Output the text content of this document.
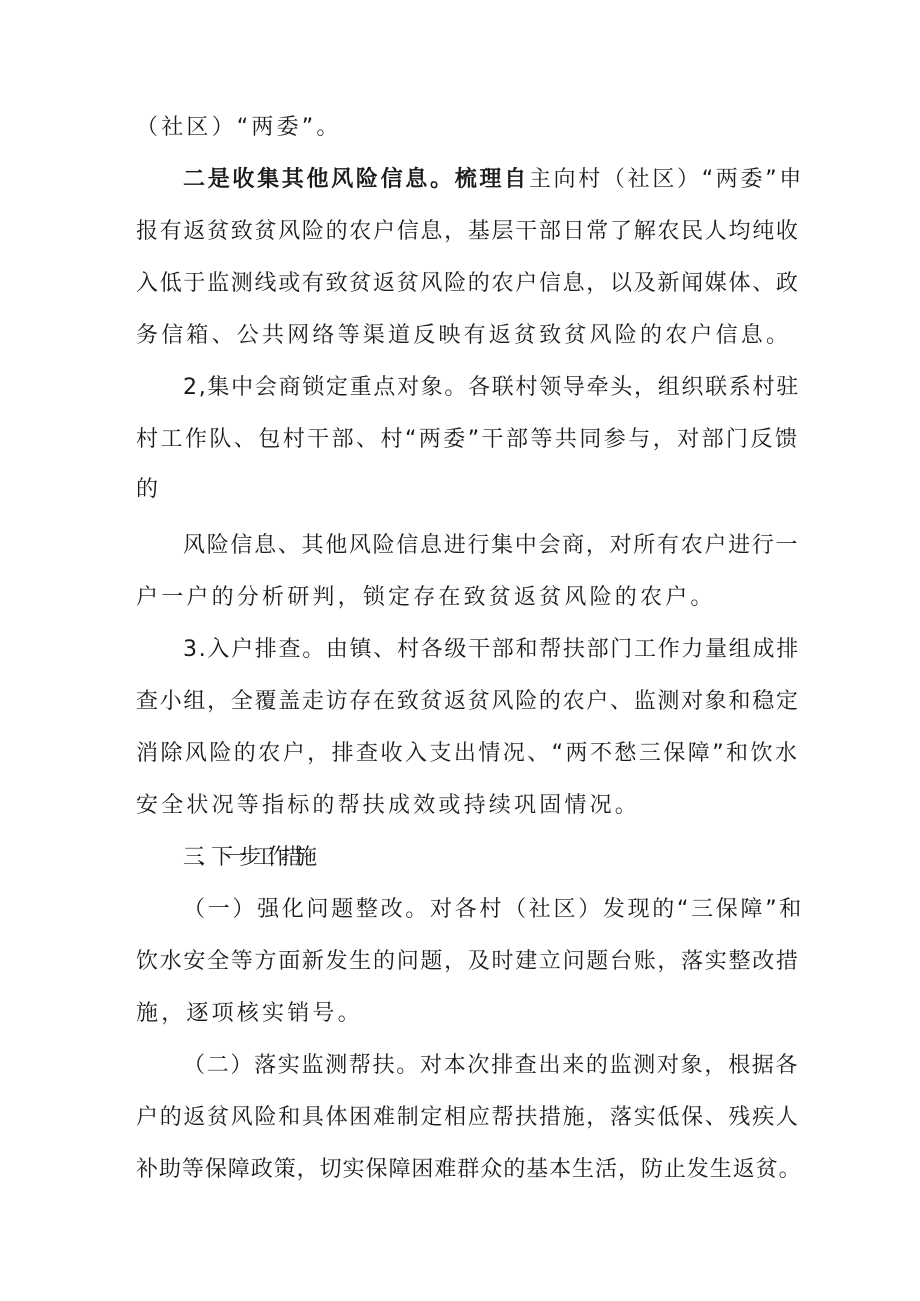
（社区）“两委”。
二是收集其他风险信息。梳理自主向村（社区）“两委”申
报有返贫致贫风险的农户信息，基层干部日常了解农民人均纯收
入低于监测线或有致贫返贫风险的农户信息，以及新闻媒体、政
务信箱、公共网络等渠道反映有返贫致贫风险的农户信息。
2,集中会商锁定重点对象。各联村领导牵头，组织联系村驻
村工作队、包村干部、村“两委”干部等共同参与，对部门反馈
的
风险信息、其他风险信息进行集中会商，对所有农户进行一
户一户的分析研判，锁定存在致贫返贫风险的农户。
3.入户排查。由镇、村各级干部和帮扶部门工作力量组成排
查小组，全覆盖走访存在致贫返贫风险的农户、监测对象和稳定
消除风险的农户，排查收入支出情况、“两不愁三保障”和饮水
安全状况等指标的帮扶成效或持续巩固情况。
三、下一步工作措施
（一）强化问题整改。对各村（社区）发现的“三保障”和
饮水安全等方面新发生的问题，及时建立问题台账，落实整改措
施，逐项核实销号。
（二）落实监测帮扶。对本次排查出来的监测对象，根据各
户的返贫风险和具体困难制定相应帮扶措施，落实低保、残疾人
补助等保障政策，切实保障困难群众的基本生活，防止发生返贫。
